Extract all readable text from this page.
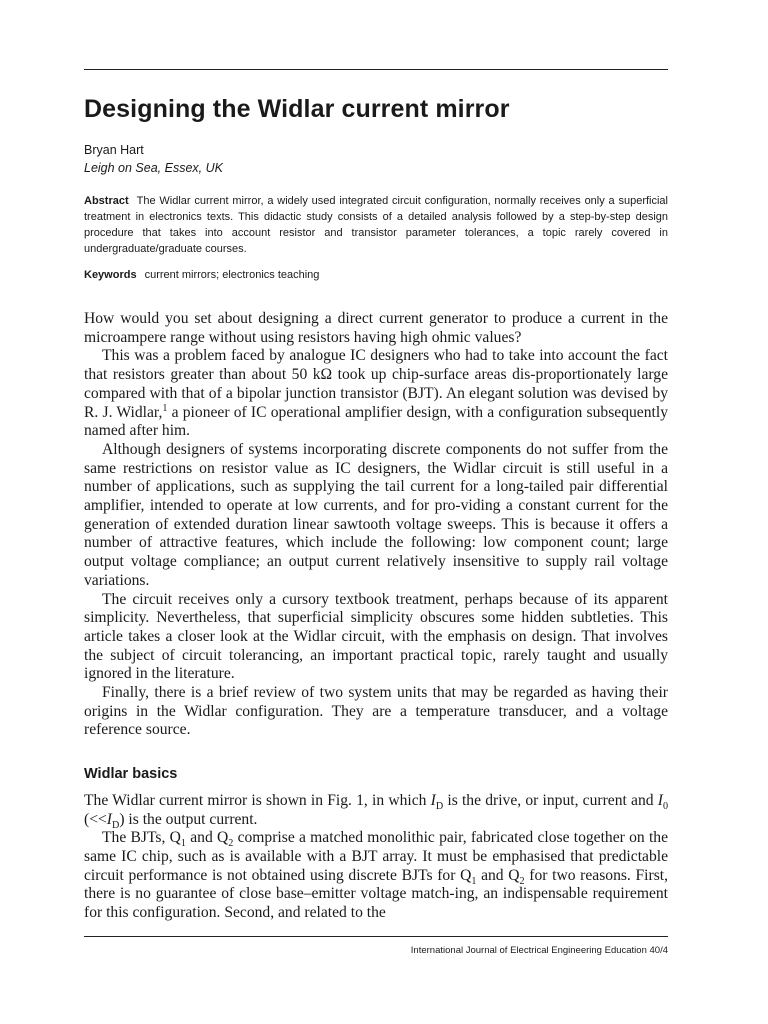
Designing the Widlar current mirror
Bryan Hart
Leigh on Sea, Essex, UK

Abstract The Widlar current mirror, a widely used integrated circuit configuration, normally receives only a superficial treatment in electronics texts. This didactic study consists of a detailed analysis followed by a step-by-step design procedure that takes into account resistor and transistor parameter tolerances, a topic rarely covered in undergraduate/graduate courses.

Keywords current mirrors; electronics teaching

How would you set about designing a direct current generator to produce a current in the microampere range without using resistors having high ohmic values?

This was a problem faced by analogue IC designers who had to take into account the fact that resistors greater than about 50 kΩ took up chip-surface areas dis-proportionately large compared with that of a bipolar junction transistor (BJT). An elegant solution was devised by R. J. Widlar,$^1$ a pioneer of IC operational amplifier design, with a configuration subsequently named after him.

Although designers of systems incorporating discrete components do not suffer from the same restrictions on resistor value as IC designers, the Widlar circuit is still useful in a number of applications, such as supplying the tail current for a long-tailed pair differential amplifier, intended to operate at low currents, and for pro-viding a constant current for the generation of extended duration linear sawtooth voltage sweeps. This is because it offers a number of attractive features, which include the following: low component count; large output voltage compliance; an output current relatively insensitive to supply rail voltage variations.

The circuit receives only a cursory textbook treatment, perhaps because of its apparent simplicity. Nevertheless, that superficial simplicity obscures some hidden subtleties. This article takes a closer look at the Widlar circuit, with the emphasis on design. That involves the subject of circuit tolerancing, an important practical topic, rarely taught and usually ignored in the literature.

Finally, there is a brief review of two system units that may be regarded as having their origins in the Widlar configuration. They are a temperature transducer, and a voltage reference source.

Widlar basics

The Widlar current mirror is shown in Fig. 1, in which $I_D$ is the drive, or input, current and $I_0$ $(<<I_D)$ is the output current.

The BJTs, $Q_1$ and $Q_2$ comprise a matched monolithic pair, fabricated close together on the same IC chip, such as is available with a BJT array. It must be emphasised that predictable circuit performance is not obtained using discrete BJTs for $Q_1$ and $Q_2$ for two reasons. First, there is no guarantee of close base–emitter voltage match-ing, an indispensable requirement for this configuration. Second, and related to the

International Journal of Electrical Engineering Education 40/4
